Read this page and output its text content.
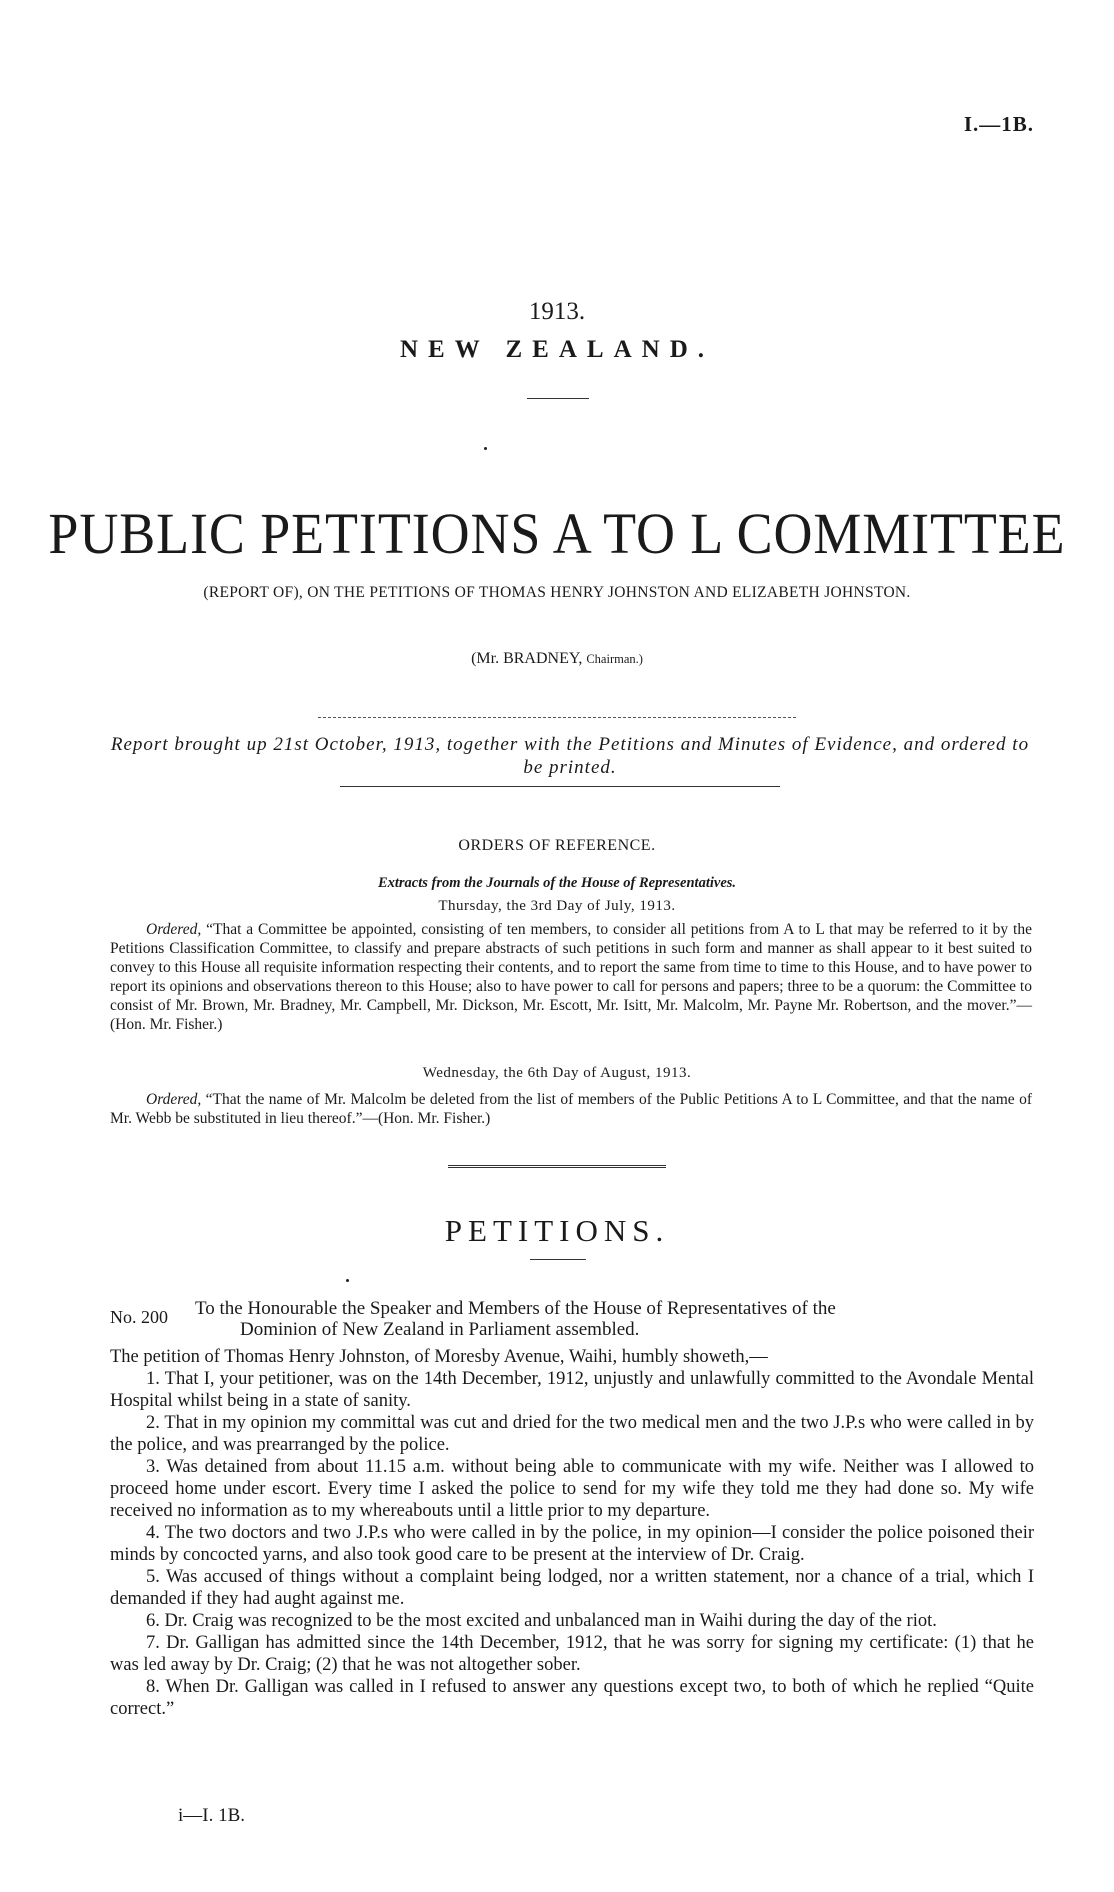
I.—1B.
1913.
NEW ZEALAND.
PUBLIC PETITIONS A TO L COMMITTEE
(REPORT OF), ON THE PETITIONS OF THOMAS HENRY JOHNSTON AND ELIZABETH JOHNSTON.
(Mr. BRADNEY, Chairman.)
Report brought up 21st October, 1913, together with the Petitions and Minutes of Evidence, and ordered to be printed.
ORDERS OF REFERENCE.
Extracts from the Journals of the House of Representatives.
Thursday, the 3rd Day of July, 1913.
Ordered, “That a Committee be appointed, consisting of ten members, to consider all petitions from A to L that may be referred to it by the Petitions Classification Committee, to classify and prepare abstracts of such petitions in such form and manner as shall appear to it best suited to convey to this House all requisite information respecting their contents, and to report the same from time to time to this House, and to have power to report its opinions and observations thereon to this House; also to have power to call for persons and papers; three to be a quorum: the Committee to consist of Mr. Brown, Mr. Bradney, Mr. Campbell, Mr. Dickson, Mr. Escott, Mr. Isitt, Mr. Malcolm, Mr. Payne Mr. Robertson, and the mover.”—(Hon. Mr. Fisher.)
Wednesday, the 6th Day of August, 1913.
Ordered, “That the name of Mr. Malcolm be deleted from the list of members of the Public Petitions A to L Committee, and that the name of Mr. Webb be substituted in lieu thereof.”—(Hon. Mr. Fisher.)
PETITIONS.
No. 200 To the Honourable the Speaker and Members of the House of Representatives of the
Dominion of New Zealand in Parliament assembled.
The petition of Thomas Henry Johnston, of Moresby Avenue, Waihi, humbly showeth,—

1. That I, your petitioner, was on the 14th December, 1912, unjustly and unlawfully committed to the Avondale Mental Hospital whilst being in a state of sanity.

2. That in my opinion my committal was cut and dried for the two medical men and the two J.P.s who were called in by the police, and was prearranged by the police.

3. Was detained from about 11.15 a.m. without being able to communicate with my wife. Neither was I allowed to proceed home under escort. Every time I asked the police to send for my wife they told me they had done so. My wife received no information as to my whereabouts until a little prior to my departure.

4. The two doctors and two J.P.s who were called in by the police, in my opinion—I consider the police poisoned their minds by concocted yarns, and also took good care to be present at the interview of Dr. Craig.

5. Was accused of things without a complaint being lodged, nor a written statement, nor a chance of a trial, which I demanded if they had aught against me.

6. Dr. Craig was recognized to be the most excited and unbalanced man in Waihi during the day of the riot.

7. Dr. Galligan has admitted since the 14th December, 1912, that he was sorry for signing my certificate: (1) that he was led away by Dr. Craig; (2) that he was not altogether sober.

8. When Dr. Galligan was called in I refused to answer any questions except two, to both of which he replied “Quite correct.”

i—I. 1B.
